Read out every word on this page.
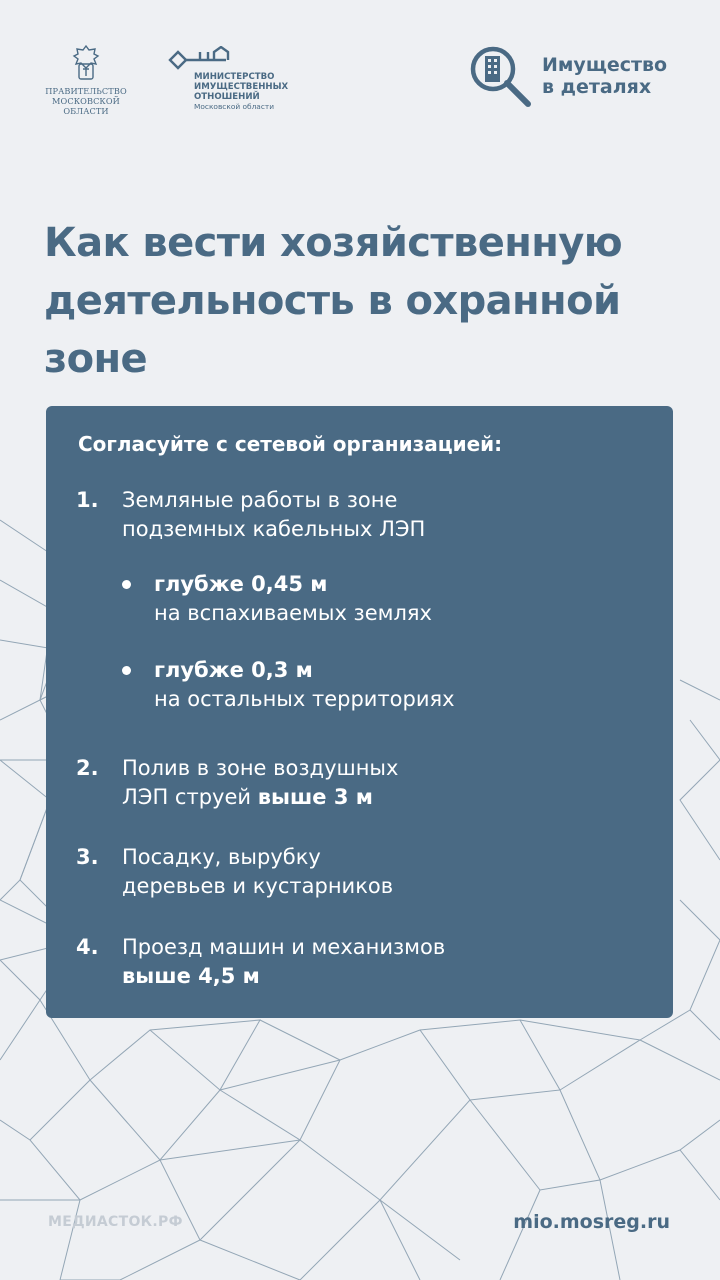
ПРАВИТЕЛЬСТВО
МОСКОВСКОЙ
ОБЛАСТИ
МИНИСТЕРСТВО
ИМУЩЕСТВЕННЫХ
ОТНОШЕНИЙ
Московской области
Имущество
в деталях
Как вести хозяйственную деятельность в охранной зоне
Согласуйте с сетевой организацией:
1. Земляные работы в зоне
подземных кабельных ЛЭП
глубже 0,45 м
на вспахиваемых землях
глубже 0,3 м
на остальных территориях
2. Полив в зоне воздушных
ЛЭП струей выше 3 м
3. Посадку, вырубку
деревьев и кустарников
4. Проезд машин и механизмов
выше 4,5 м
МЕДИАСТОК.РФ	mio.mosreg.ru
